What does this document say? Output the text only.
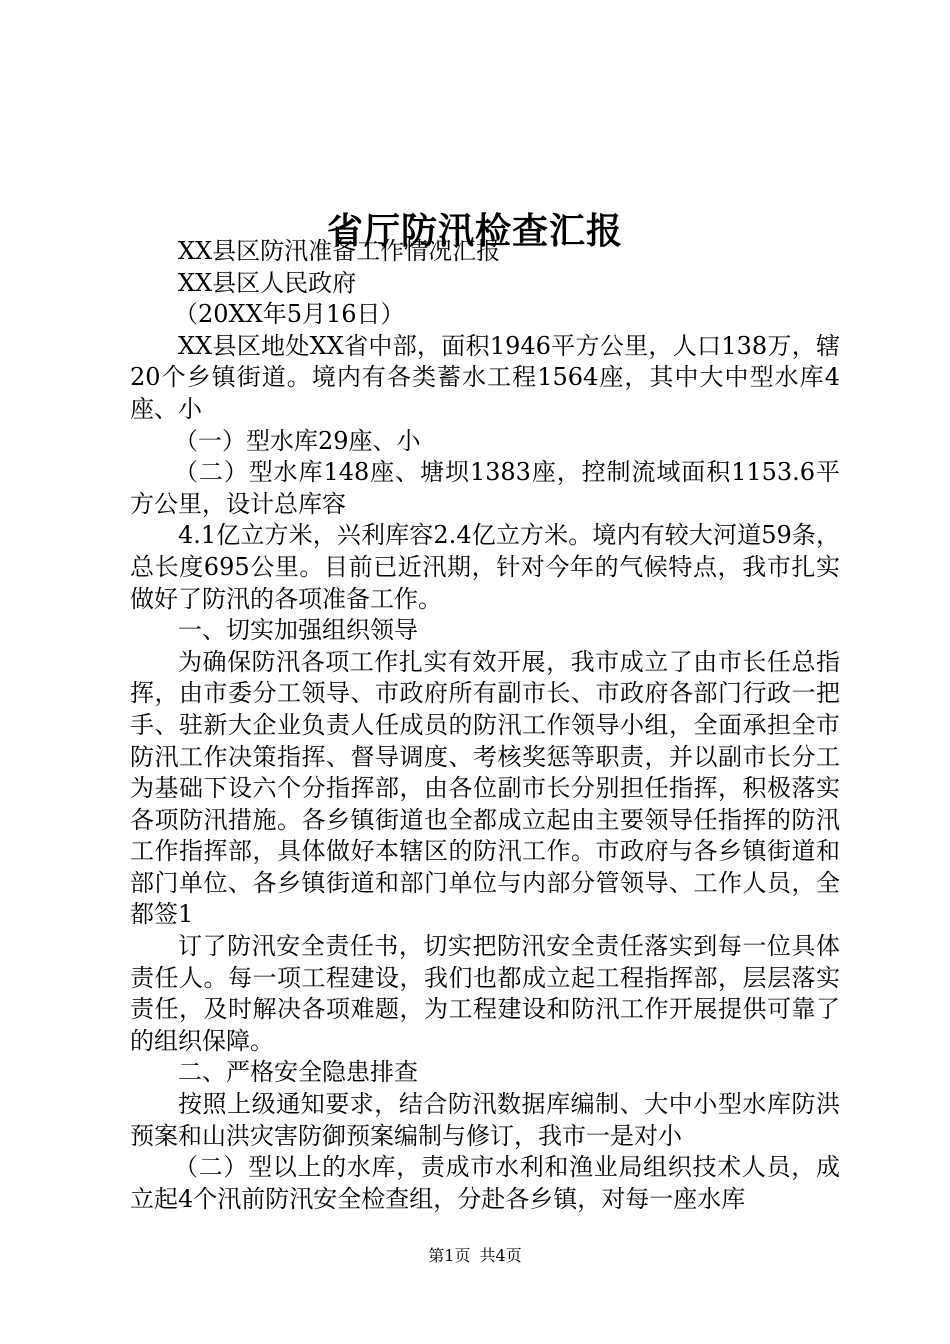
省厅防汛检查汇报

XX县区防汛准备工作情况汇报

XX县区人民政府

（20XX年5月16日）

XX县区地处XX省中部，面积1946平方公里，人口138万，辖20个乡镇街道。境内有各类蓄水工程1564座，其中大中型水库4座、小

（一）型水库29座、小

（二）型水库148座、塘坝1383座，控制流域面积1153.6平方公里，设计总库容

4.1亿立方米，兴利库容2.4亿立方米。境内有较大河道59条，总长度695公里。目前已近汛期，针对今年的气候特点，我市扎实做好了防汛的各项准备工作。

一、切实加强组织领导

为确保防汛各项工作扎实有效开展，我市成立了由市长任总指挥，由市委分工领导、市政府所有副市长、市政府各部门行政一把手、驻新大企业负责人任成员的防汛工作领导小组，全面承担全市防汛工作决策指挥、督导调度、考核奖惩等职责，并以副市长分工为基础下设六个分指挥部，由各位副市长分别担任指挥，积极落实各项防汛措施。各乡镇街道也全都成立起由主要领导任指挥的防汛工作指挥部，具体做好本辖区的防汛工作。市政府与各乡镇街道和部门单位、各乡镇街道和部门单位与内部分管领导、工作人员，全都签1

订了防汛安全责任书，切实把防汛安全责任落实到每一位具体责任人。每一项工程建设，我们也都成立起工程指挥部，层层落实责任，及时解决各项难题，为工程建设和防汛工作开展提供可靠了的组织保障。

二、严格安全隐患排查

按照上级通知要求，结合防汛数据库编制、大中小型水库防洪预案和山洪灾害防御预案编制与修订，我市一是对小

（二）型以上的水库，责成市水利和渔业局组织技术人员，成立起4个汛前防汛安全检查组，分赴各乡镇，对每一座水库

第1页 共4页
